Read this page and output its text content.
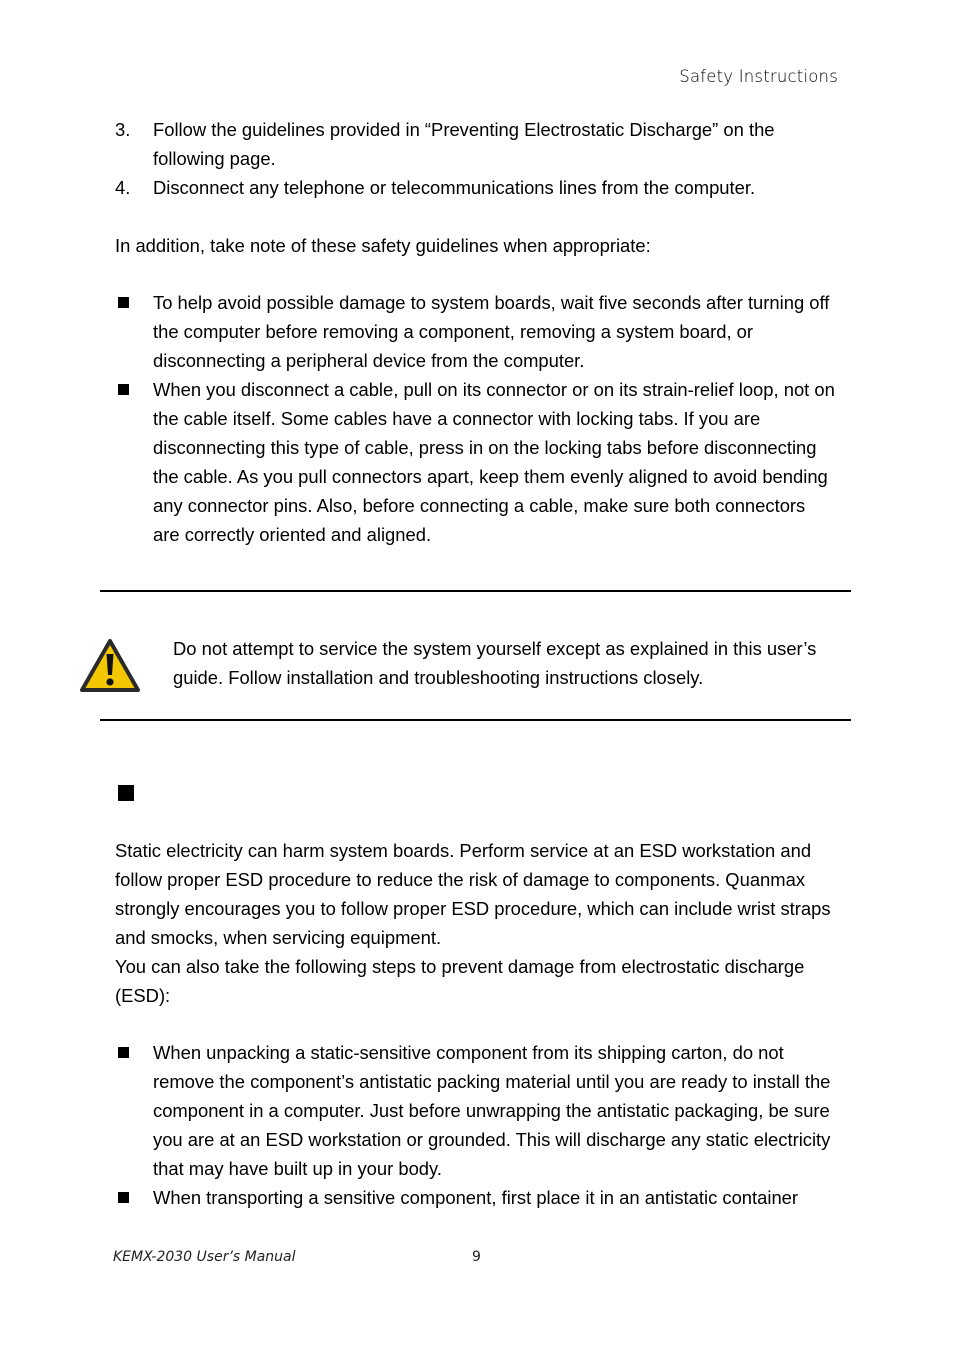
Safety Instructions
3. Follow the guidelines provided in “Preventing Electrostatic Discharge” on the following page.
4. Disconnect any telephone or telecommunications lines from the computer.
In addition, take note of these safety guidelines when appropriate:
To help avoid possible damage to system boards, wait five seconds after turning off the computer before removing a component, removing a system board, or disconnecting a peripheral device from the computer.
When you disconnect a cable, pull on its connector or on its strain-relief loop, not on the cable itself. Some cables have a connector with locking tabs. If you are disconnecting this type of cable, press in on the locking tabs before disconnecting the cable. As you pull connectors apart, keep them evenly aligned to avoid bending any connector pins. Also, before connecting a cable, make sure both connectors are correctly oriented and aligned.
Do not attempt to service the system yourself except as explained in this user’s guide. Follow installation and troubleshooting instructions closely.
Static electricity can harm system boards. Perform service at an ESD workstation and follow proper ESD procedure to reduce the risk of damage to components. Quanmax strongly encourages you to follow proper ESD procedure, which can include wrist straps and smocks, when servicing equipment.
You can also take the following steps to prevent damage from electrostatic discharge (ESD):
When unpacking a static-sensitive component from its shipping carton, do not remove the component’s antistatic packing material until you are ready to install the component in a computer. Just before unwrapping the antistatic packaging, be sure you are at an ESD workstation or grounded. This will discharge any static electricity that may have built up in your body.
When transporting a sensitive component, first place it in an antistatic container
KEMX-2030 User’s Manual	9
